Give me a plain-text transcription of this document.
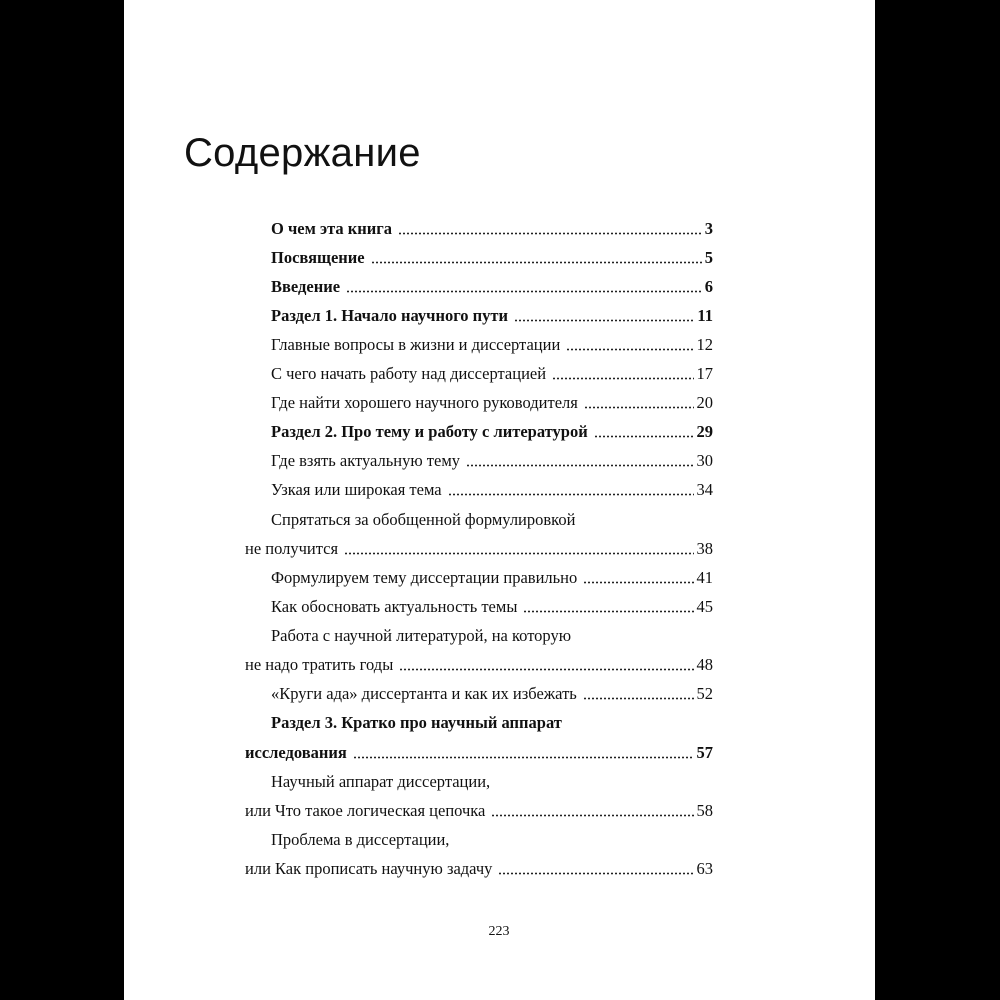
Содержание
О чем эта книга	3
Посвящение	5
Введение	6
Раздел 1. Начало научного пути	11
Главные вопросы в жизни и диссертации	12
С чего начать работу над диссертацией	17
Где найти хорошего научного руководителя	20
Раздел 2. Про тему и работу с литературой	29
Где взять актуальную тему	30
Узкая или широкая тема	34
Спрятаться за обобщенной формулировкой
не получится	38
Формулируем тему диссертации правильно	41
Как обосновать актуальность темы	45
Работа с научной литературой, на которую
не надо тратить годы	48
«Круги ада» диссертанта и как их избежать	52
Раздел 3. Кратко про научный аппарат
исследования	57
Научный аппарат диссертации,
или Что такое логическая цепочка	58
Проблема в диссертации,
или Как прописать научную задачу	63
223
